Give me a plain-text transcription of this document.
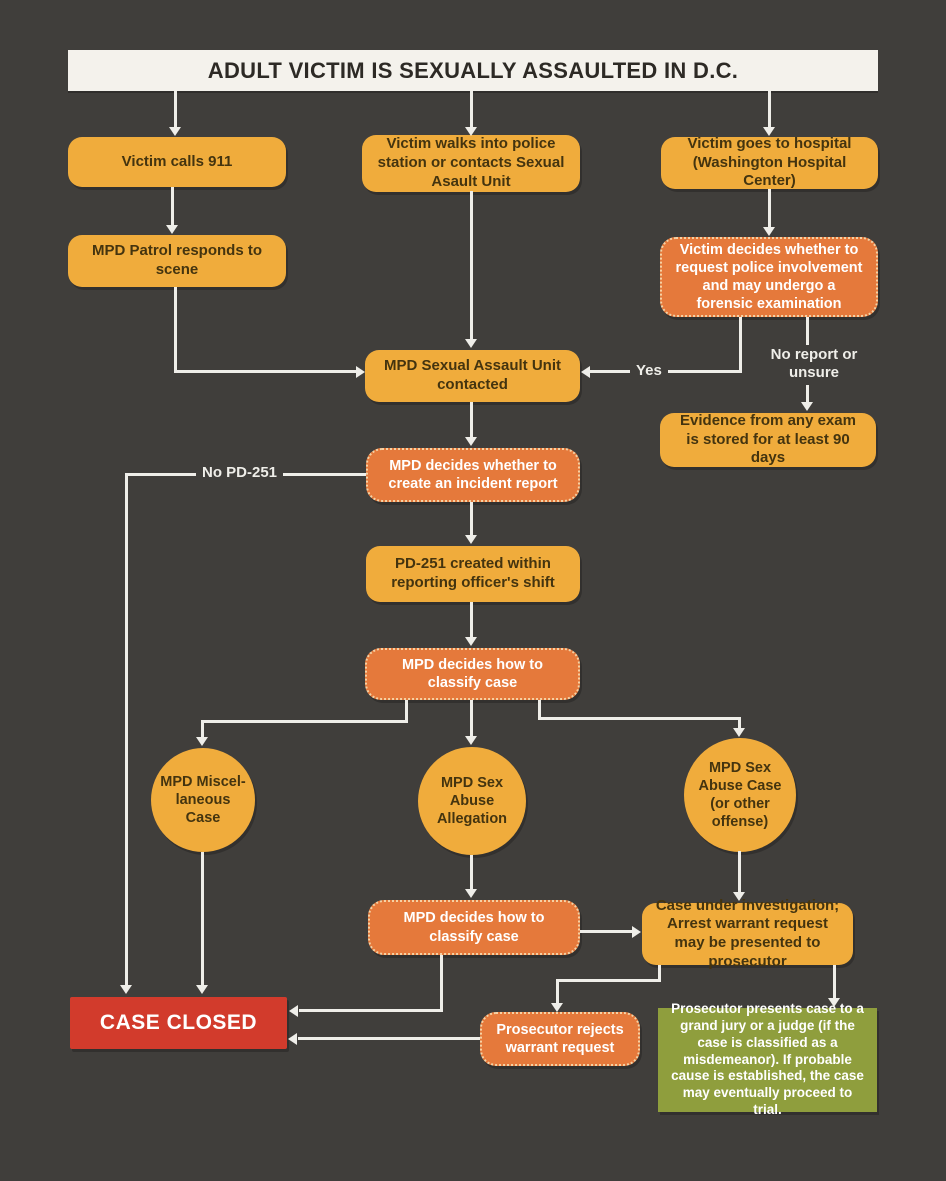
ADULT VICTIM IS SEXUALLY ASSAULTED IN D.C.
Victim calls 911
Victim walks into police station or contacts Sexual Asault Unit
Victim goes to hospital (Washington Hospital Center)
MPD Patrol responds to scene
Victim decides whether to request police involvement and may undergo a forensic examination
MPD Sexual Assault Unit contacted
Evidence from any exam is stored for at least 90 days
MPD decides whether to create an incident report
PD-251 created within reporting officer's shift
MPD decides how to classify case
MPD Miscel- laneous Case
MPD Sex Abuse Allegation
MPD Sex Abuse Case (or other offense)
MPD decides how to classify case
Case under investigation; Arrest warrant request may be presented to prosecutor
CASE CLOSED	Prosecutor rejects warrant request
Prosecutor presents case to a grand jury or a judge (if the case is classified as a misdemeanor). If probable cause is established, the case may eventually proceed to trial.
Yes
No report or unsure
No PD-251
